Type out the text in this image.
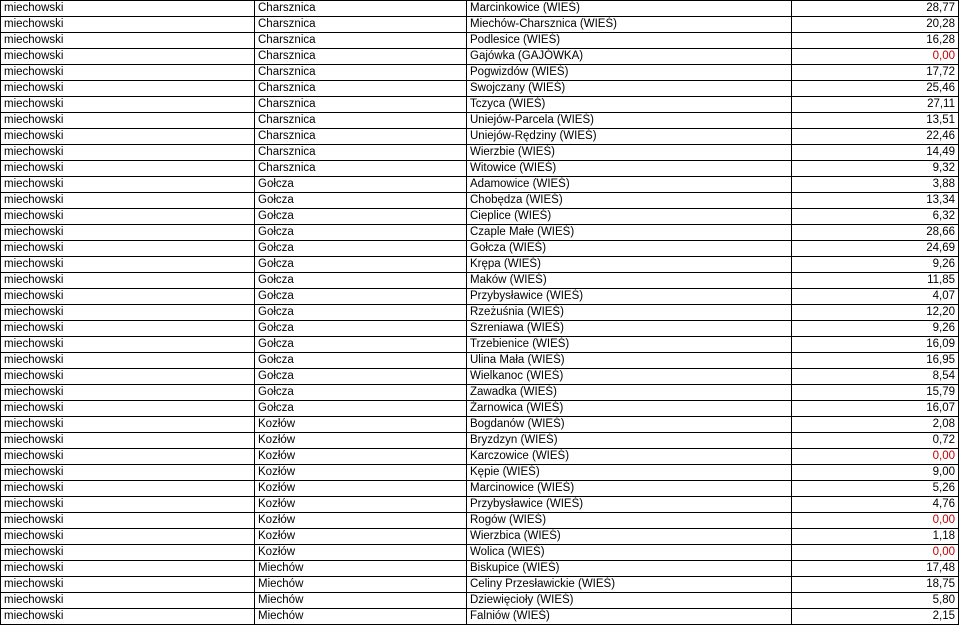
miechowski	Charsznica	Marcinkowice (WIEŚ)	28,77
miechowski	Charsznica	Miechów-Charsznica (WIEŚ)	20,28
miechowski	Charsznica	Podlesice (WIEŚ)	16,28
miechowski	Charsznica	Gajówka (GAJÓWKA)	0,00
miechowski	Charsznica	Pogwizdów (WIEŚ)	17,72
miechowski	Charsznica	Swojczany (WIEŚ)	25,46
miechowski	Charsznica	Tczyca (WIEŚ)	27,11
miechowski	Charsznica	Uniejów-Parcela (WIEŚ)	13,51
miechowski	Charsznica	Uniejów-Rędziny (WIEŚ)	22,46
miechowski	Charsznica	Wierzbie (WIEŚ)	14,49
miechowski	Charsznica	Witowice (WIEŚ)	9,32
miechowski	Gołcza	Adamowice (WIEŚ)	3,88
miechowski	Gołcza	Chobędza (WIEŚ)	13,34
miechowski	Gołcza	Cieplice (WIEŚ)	6,32
miechowski	Gołcza	Czaple Małe (WIEŚ)	28,66
miechowski	Gołcza	Gołcza (WIEŚ)	24,69
miechowski	Gołcza	Krępa (WIEŚ)	9,26
miechowski	Gołcza	Maków (WIEŚ)	11,85
miechowski	Gołcza	Przybysławice (WIEŚ)	4,07
miechowski	Gołcza	Rzeżuśnia (WIEŚ)	12,20
miechowski	Gołcza	Szreniawa (WIEŚ)	9,26
miechowski	Gołcza	Trzebienice (WIEŚ)	16,09
miechowski	Gołcza	Ulina Mała (WIEŚ)	16,95
miechowski	Gołcza	Wielkanoc (WIEŚ)	8,54
miechowski	Gołcza	Zawadka (WIEŚ)	15,79
miechowski	Gołcza	Żarnowica (WIEŚ)	16,07
miechowski	Kozłów	Bogdanów (WIEŚ)	2,08
miechowski	Kozłów	Bryzdzyn (WIEŚ)	0,72
miechowski	Kozłów	Karczowice (WIEŚ)	0,00
miechowski	Kozłów	Kępie (WIEŚ)	9,00
miechowski	Kozłów	Marcinowice (WIEŚ)	5,26
miechowski	Kozłów	Przybysławice (WIEŚ)	4,76
miechowski	Kozłów	Rogów (WIEŚ)	0,00
miechowski	Kozłów	Wierzbica (WIEŚ)	1,18
miechowski	Kozłów	Wolica (WIEŚ)	0,00
miechowski	Miechów	Biskupice (WIEŚ)	17,48
miechowski	Miechów	Celiny Przesławickie (WIEŚ)	18,75
miechowski	Miechów	Dziewięcioły (WIEŚ)	5,80
miechowski	Miechów	Falniów (WIEŚ)	2,15
